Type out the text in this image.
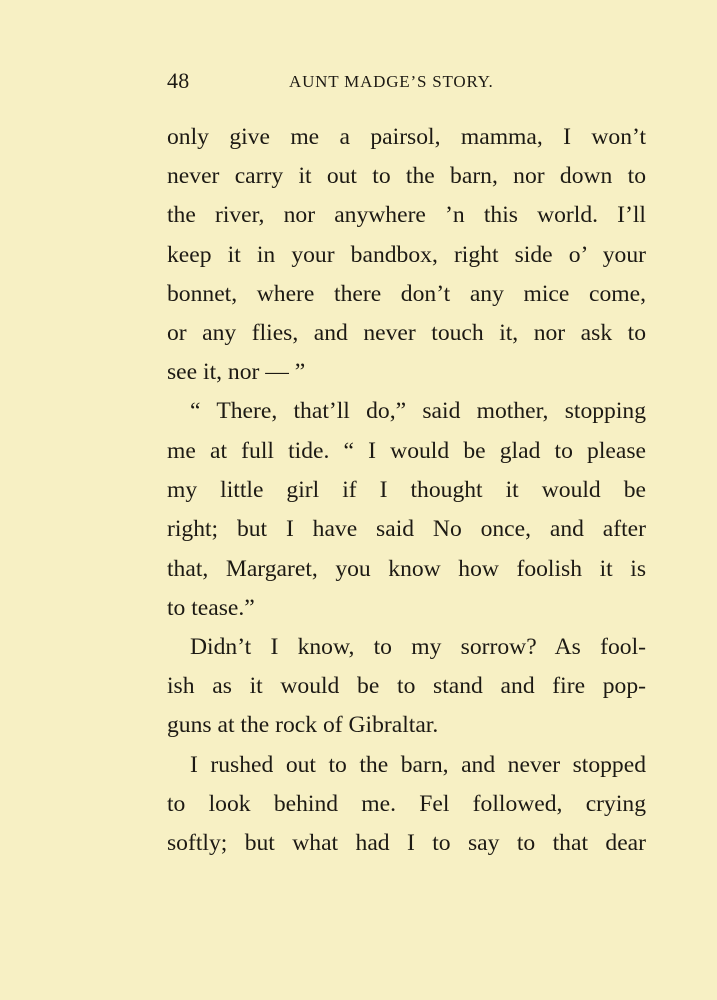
48	AUNT MADGE’S STORY.
only give me a pairsol, mamma, I won’t
never carry it out to the barn, nor down to
the river, nor anywhere ’n this world. I’ll
keep it in your bandbox, right side o’ your
bonnet, where there don’t any mice come,
or any flies, and never touch it, nor ask to
see it, nor — ”
“ There, that’ll do,” said mother, stopping
me at full tide. “ I would be glad to please
my little girl if I thought it would be
right; but I have said No once, and after
that, Margaret, you know how foolish it is
to tease.”
Didn’t I know, to my sorrow? As fool-
ish as it would be to stand and fire pop-
guns at the rock of Gibraltar.
I rushed out to the barn, and never stopped
to look behind me. Fel followed, crying
softly; but what had I to say to that dear
